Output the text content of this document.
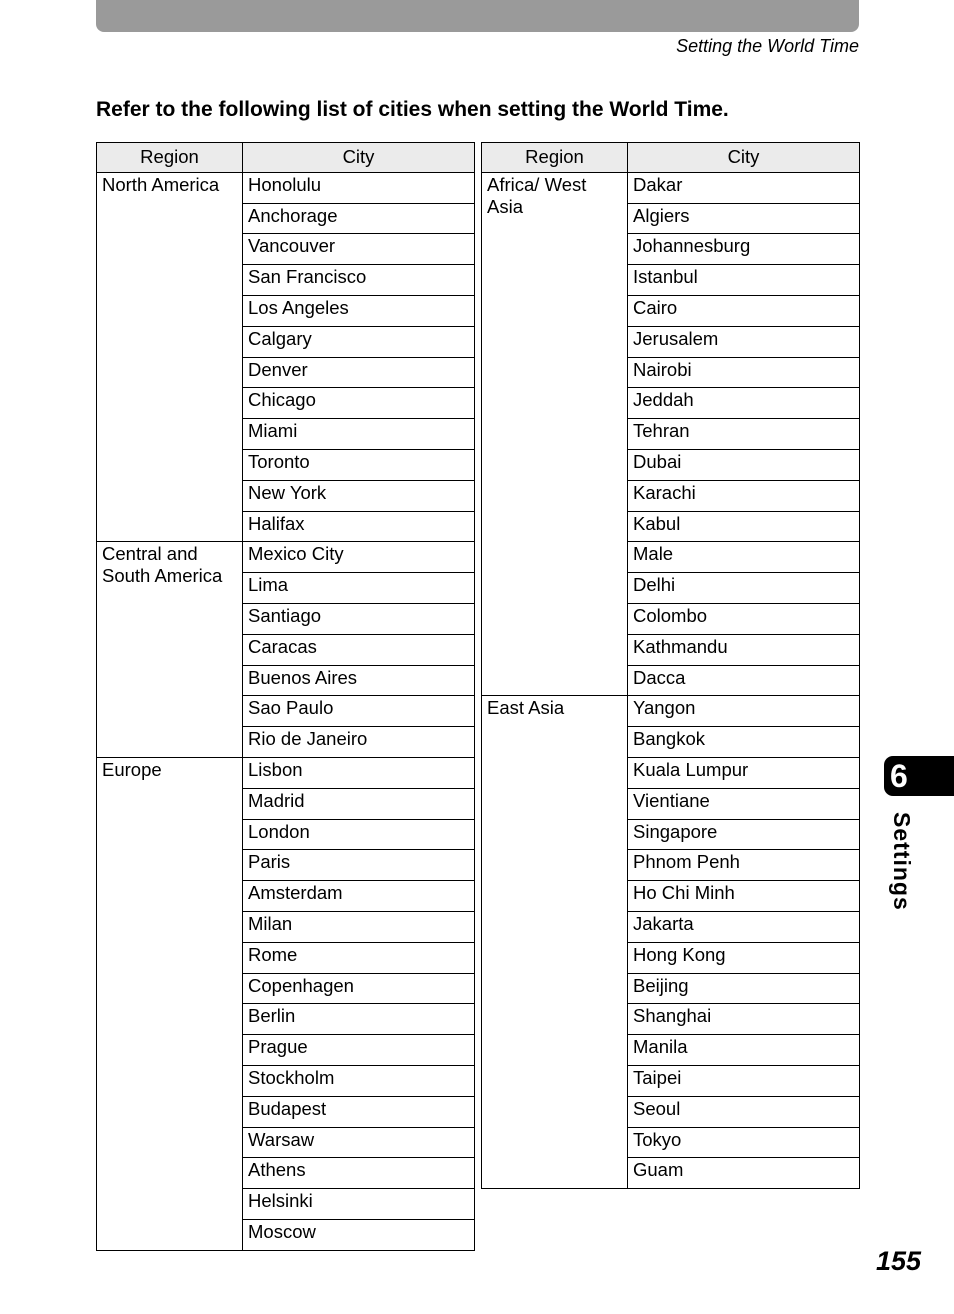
Setting the World Time
Refer to the following list of cities when setting the World Time.
Region	City
North America	Honolulu
	Anchorage
	Vancouver
	San Francisco
	Los Angeles
	Calgary
	Denver
	Chicago
	Miami
	Toronto
	New York
	Halifax
Central and South America	Mexico City
	Lima
	Santiago
	Caracas
	Buenos Aires
	Sao Paulo
	Rio de Janeiro
Europe	Lisbon
	Madrid
	London
	Paris
	Amsterdam
	Milan
	Rome
	Copenhagen
	Berlin
	Prague
	Stockholm
	Budapest
	Warsaw
	Athens
	Helsinki
	Moscow
Region	City
Africa/ West Asia	Dakar
	Algiers
	Johannesburg
	Istanbul
	Cairo
	Jerusalem
	Nairobi
	Jeddah
	Tehran
	Dubai
	Karachi
	Kabul
	Male
	Delhi
	Colombo
	Kathmandu
	Dacca
East Asia	Yangon
	Bangkok
	Kuala Lumpur
	Vientiane
	Singapore
	Phnom Penh
	Ho Chi Minh
	Jakarta
	Hong Kong
	Beijing
	Shanghai
	Manila
	Taipei
	Seoul
	Tokyo
	Guam
6
Settings
155
